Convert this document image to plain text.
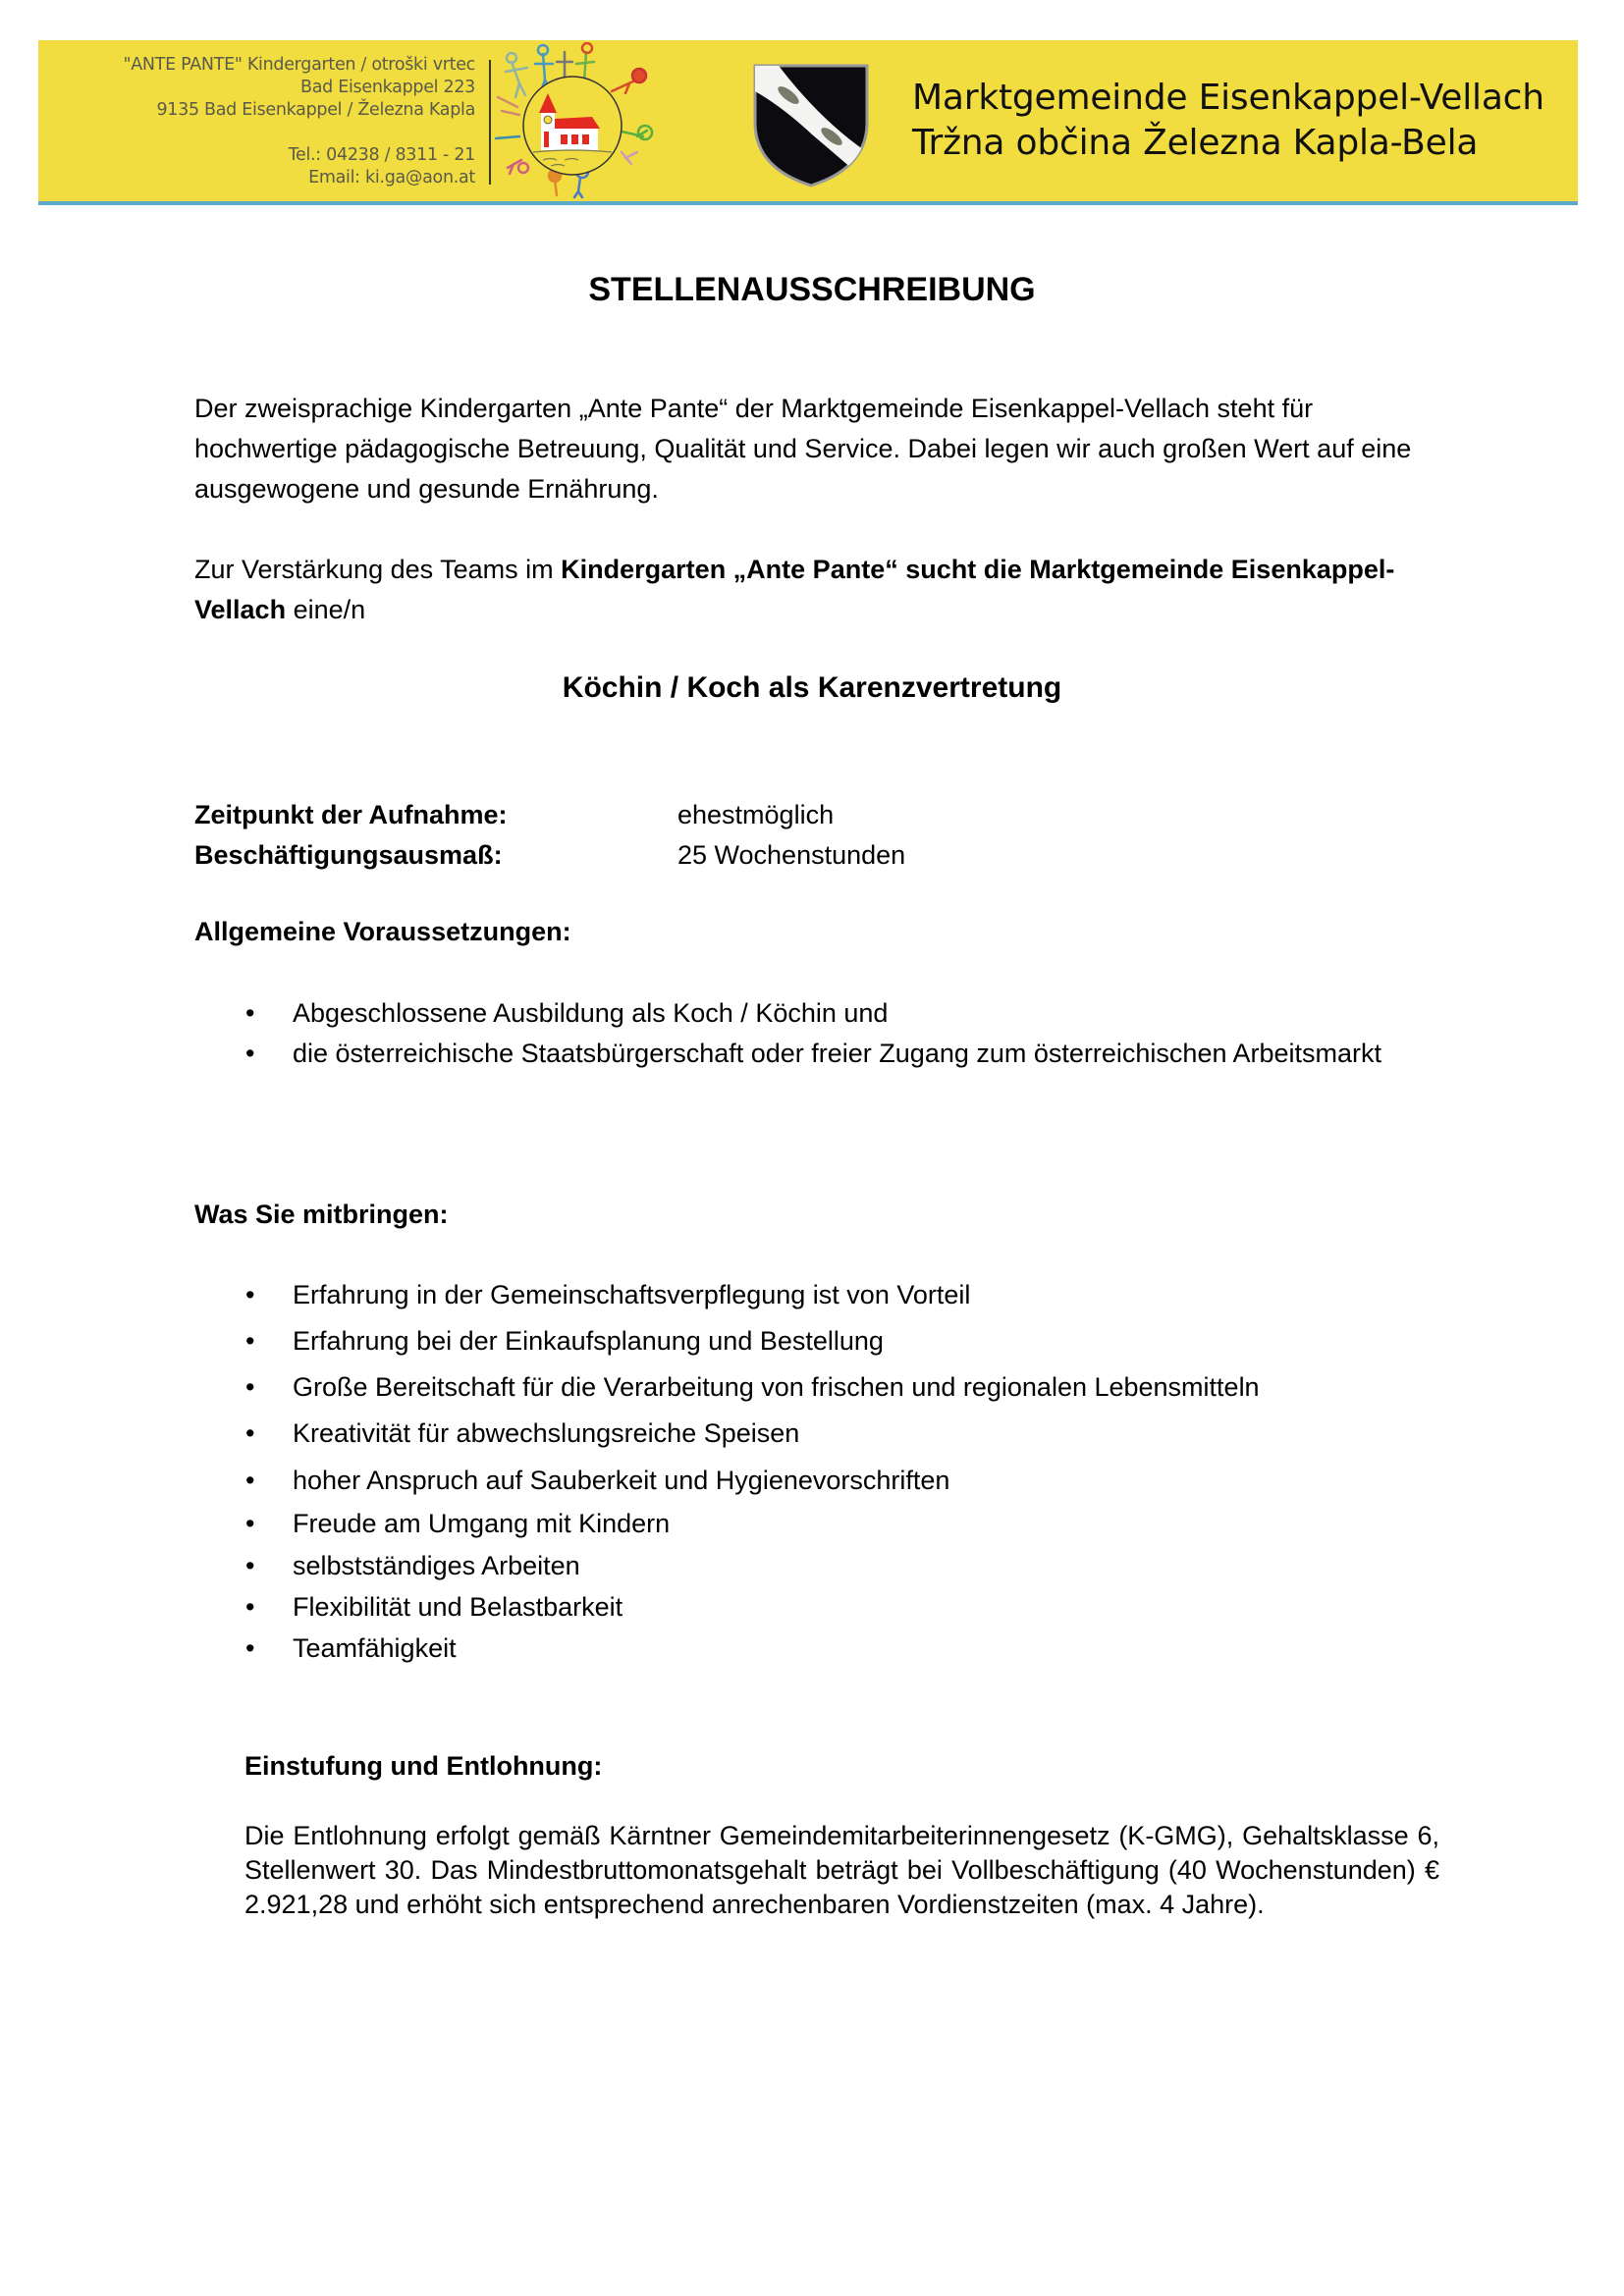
"ANTE PANTE" Kindergarten / otroški vrtec
Bad Eisenkappel 223
9135 Bad Eisenkappel / Železna Kapla
Tel.: 04238 / 8311 - 21
Email: ki.ga@aon.at
Marktgemeinde Eisenkappel-Vellach
Tržna občina Železna Kapla-Bela
STELLENAUSSCHREIBUNG
Der zweisprachige Kindergarten „Ante Pante“ der Marktgemeinde Eisenkappel-Vellach steht für hochwertige pädagogische Betreuung, Qualität und Service. Dabei legen wir auch großen Wert auf eine ausgewogene und gesunde Ernährung.
Zur Verstärkung des Teams im Kindergarten „Ante Pante“ sucht die Marktgemeinde Eisenkappel-Vellach eine/n
Köchin / Koch als Karenzvertretung
Zeitpunkt der Aufnahme:	ehestmöglich
Beschäftigungsausmaß:	25 Wochenstunden
Allgemeine Voraussetzungen:
• Abgeschlossene Ausbildung als Koch / Köchin und
• die österreichische Staatsbürgerschaft oder freier Zugang zum österreichischen Arbeitsmarkt
Was Sie mitbringen:
• Erfahrung in der Gemeinschaftsverpflegung ist von Vorteil
• Erfahrung bei der Einkaufsplanung und Bestellung
• Große Bereitschaft für die Verarbeitung von frischen und regionalen Lebensmitteln
• Kreativität für abwechslungsreiche Speisen
• hoher Anspruch auf Sauberkeit und Hygienevorschriften
• Freude am Umgang mit Kindern
• selbstständiges Arbeiten
• Flexibilität und Belastbarkeit
• Teamfähigkeit
Einstufung und Entlohnung:
Die Entlohnung erfolgt gemäß Kärntner Gemeindemitarbeiterinnengesetz (K-GMG), Gehaltsklasse 6, Stellenwert 30. Das Mindestbruttomonatsgehalt beträgt bei Vollbeschäftigung (40 Wochenstunden) € 2.921,28 und erhöht sich entsprechend anrechenbaren Vordienstzeiten (max. 4 Jahre).
